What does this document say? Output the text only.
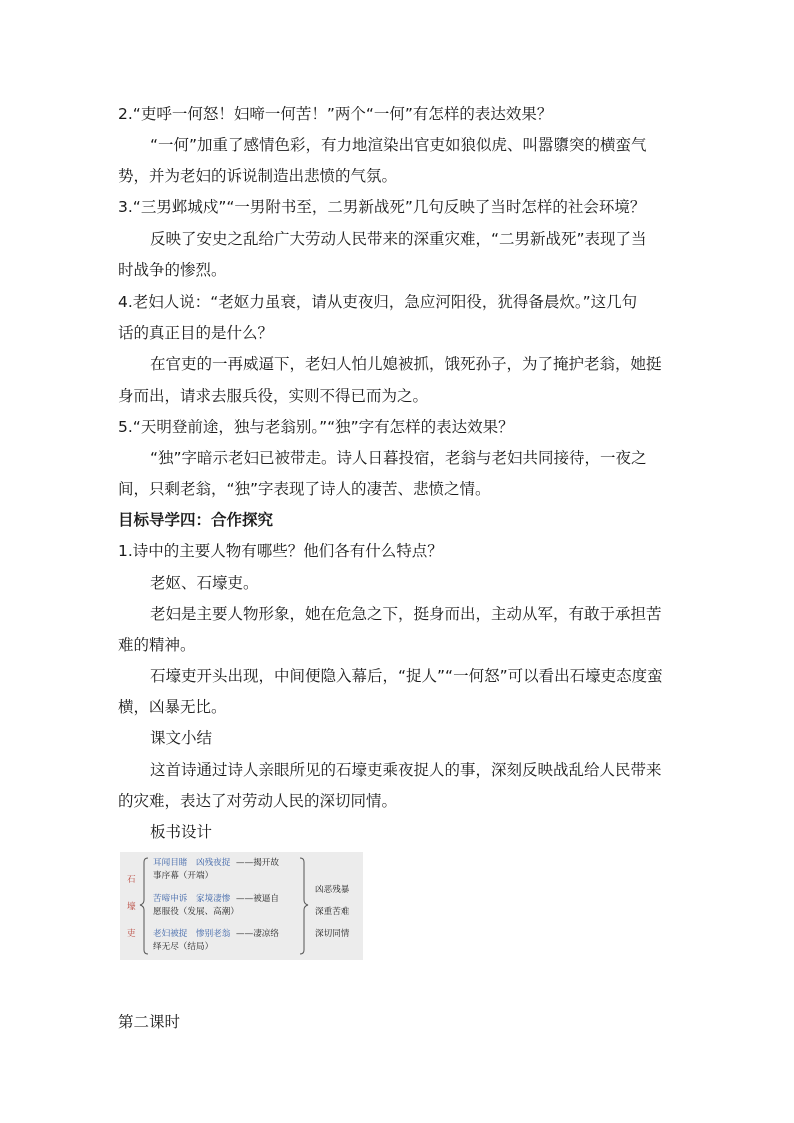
2.“吏呼一何怒！妇啼一何苦！”两个“一何”有怎样的表达效果？
“一何”加重了感情色彩，有力地渲染出官吏如狼似虎、叫嚣隳突的横蛮气
势，并为老妇的诉说制造出悲愤的气氛。
3.“三男邺城戍”“一男附书至，二男新战死”几句反映了当时怎样的社会环境？
反映了安史之乱给广大劳动人民带来的深重灾难，“二男新战死”表现了当
时战争的惨烈。
4.老妇人说：“老妪力虽衰，请从吏夜归，急应河阳役，犹得备晨炊。”这几句
话的真正目的是什么？
在官吏的一再威逼下，老妇人怕儿媳被抓，饿死孙子，为了掩护老翁，她挺
身而出，请求去服兵役，实则不得已而为之。
5.“天明登前途，独与老翁别。”“独”字有怎样的表达效果？
“独”字暗示老妇已被带走。诗人日暮投宿，老翁与老妇共同接待，一夜之
间，只剩老翁，“独”字表现了诗人的凄苦、悲愤之情。
目标导学四：合作探究
1.诗中的主要人物有哪些？他们各有什么特点？
老妪、石壕吏。
老妇是主要人物形象，她在危急之下，挺身而出，主动从军，有敢于承担苦
难的精神。
石壕吏开头出现，中间便隐入幕后，“捉人”“一何怒”可以看出石壕吏态度蛮
横，凶暴无比。
课文小结
这首诗通过诗人亲眼所见的石壕吏乘夜捉人的事，深刻反映战乱给人民带来
的灾难，表达了对劳动人民的深切同情。
板书设计
石
壕
吏
耳闻目睹　凶残夜捉 ——揭开故
事序幕（开端）
苦啼申诉　家境凄惨 ——被逼自
愿服役（发展、高潮）
老妇被捉　惨别老翁 ——凄凉络
绎无尽（结局）
凶恶残暴
深重苦难
深切同情
第二课时
